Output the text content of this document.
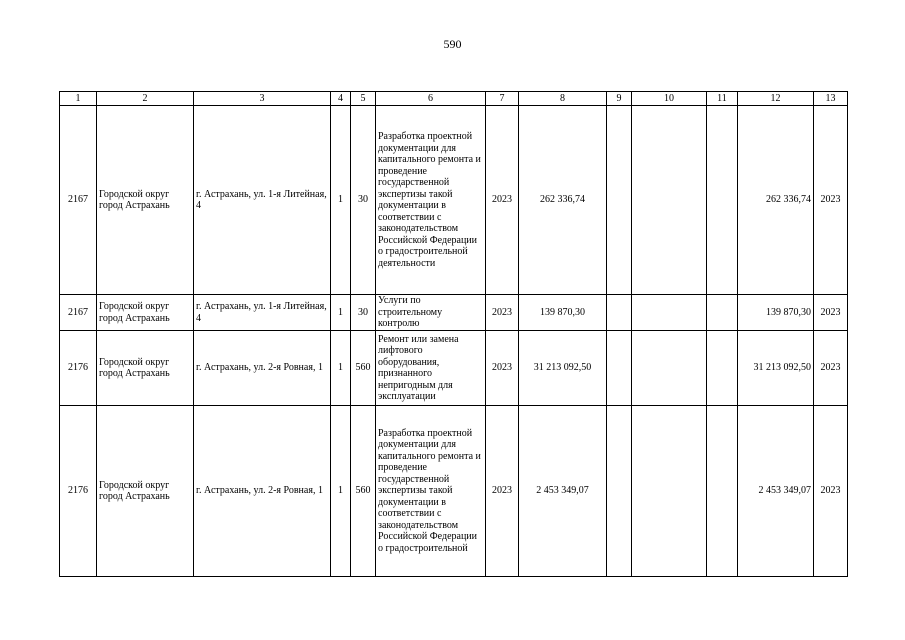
590
1	2	3	4	5	6	7	8	9	10	11	12	13
2167	Городской округ город Астрахань	г. Астрахань, ул. 1-я Литейная, 4	1	30	Разработка проектной документации для капитального ремонта и проведение государственной экспертизы такой документации в соответствии с законодательством Российской Федерации о градостроительной деятельности	2023	262 336,74				262 336,74	2023
2167	Городской округ город Астрахань	г. Астрахань, ул. 1-я Литейная, 4	1	30	Услуги по строительному контролю	2023	139 870,30				139 870,30	2023
2176	Городской округ город Астрахань	г. Астрахань, ул. 2-я Ровная, 1	1	560	Ремонт или замена лифтового оборудования, признанного непригодным для эксплуатации	2023	31 213 092,50				31 213 092,50	2023
2176	Городской округ город Астрахань	г. Астрахань, ул. 2-я Ровная, 1	1	560	Разработка проектной документации для капитального ремонта и проведение государственной экспертизы такой документации в соответствии с законодательством Российской Федерации о градостроительной	2023	2 453 349,07				2 453 349,07	2023
